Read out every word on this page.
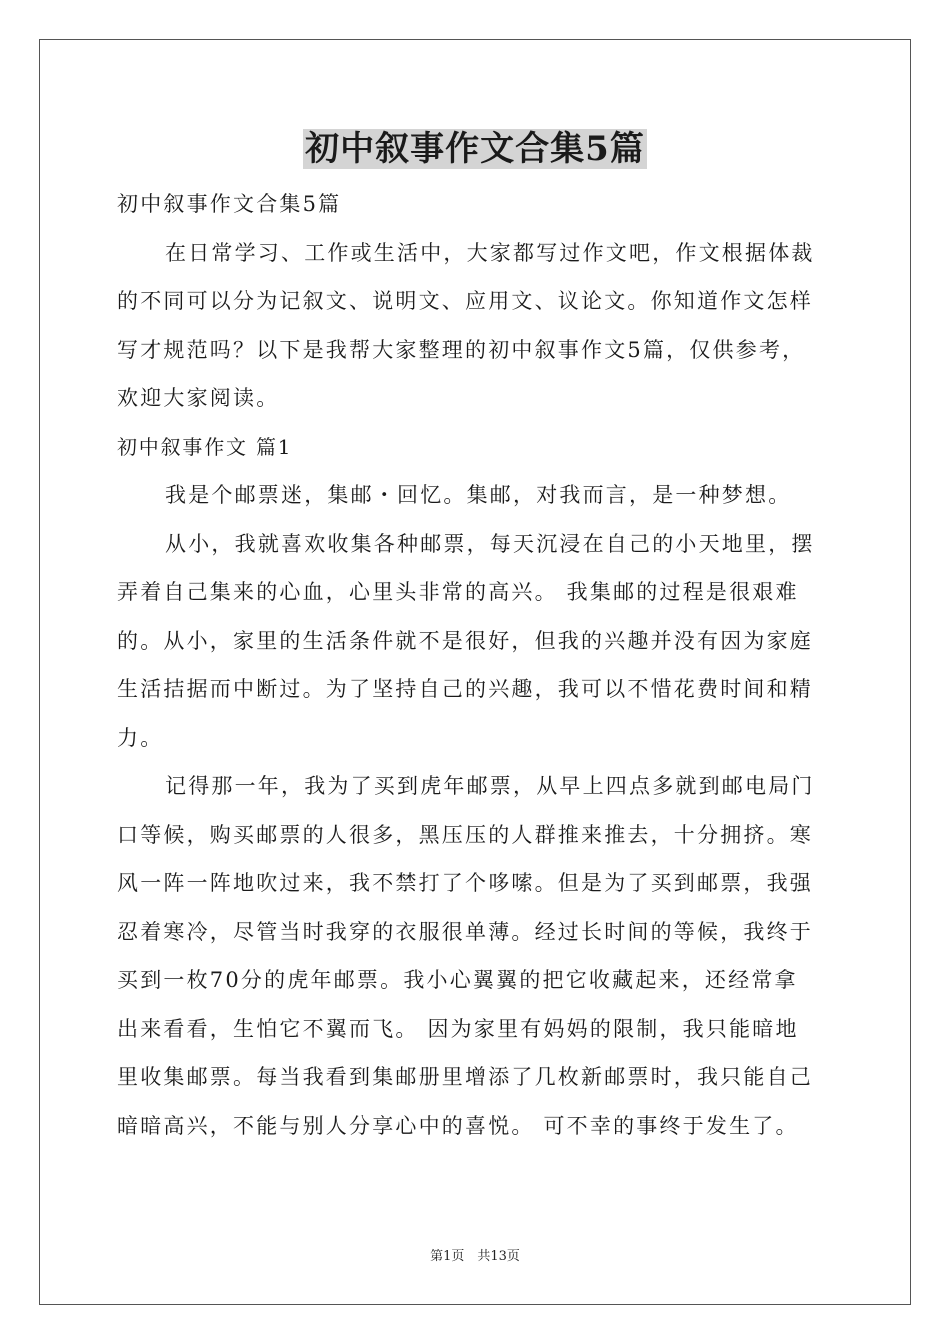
初中叙事作文合集5篇

初中叙事作文合集5篇

在日常学习、工作或生活中，大家都写过作文吧，作文根据体裁

的不同可以分为记叙文、说明文、应用文、议论文。你知道作文怎样

写才规范吗？以下是我帮大家整理的初中叙事作文5篇，仅供参考，

欢迎大家阅读。

初中叙事作文 篇1

我是个邮票迷，集邮・回忆。集邮，对我而言，是一种梦想。

从小，我就喜欢收集各种邮票，每天沉浸在自己的小天地里，摆

弄着自己集来的心血，心里头非常的高兴。 我集邮的过程是很艰难

的。从小，家里的生活条件就不是很好，但我的兴趣并没有因为家庭

生活拮据而中断过。为了坚持自己的兴趣，我可以不惜花费时间和精

力。

记得那一年，我为了买到虎年邮票，从早上四点多就到邮电局门

口等候，购买邮票的人很多，黑压压的人群推来推去，十分拥挤。寒

风一阵一阵地吹过来，我不禁打了个哆嗦。但是为了买到邮票，我强

忍着寒冷，尽管当时我穿的衣服很单薄。经过长时间的等候，我终于

买到一枚70分的虎年邮票。我小心翼翼的把它收藏起来，还经常拿

出来看看，生怕它不翼而飞。 因为家里有妈妈的限制，我只能暗地

里收集邮票。每当我看到集邮册里增添了几枚新邮票时，我只能自己

暗暗高兴，不能与别人分享心中的喜悦。 可不幸的事终于发生了。

第1页　共13页
